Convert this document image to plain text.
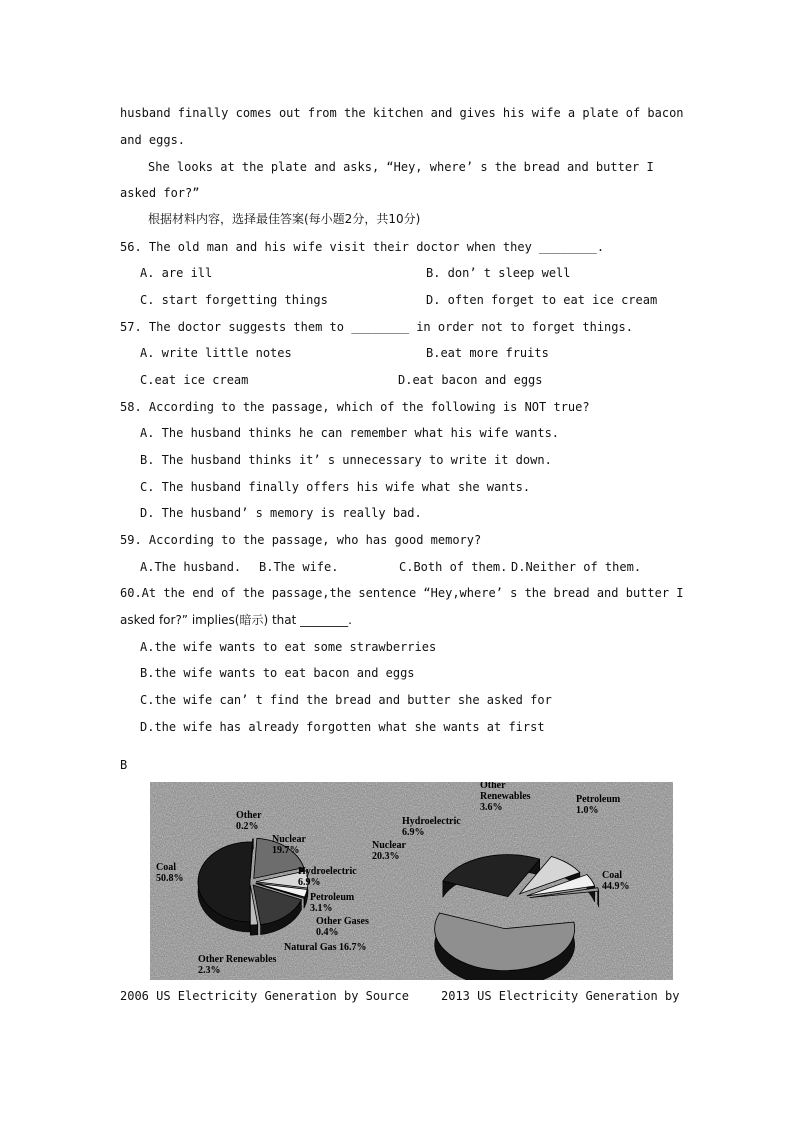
husband finally comes out from the kitchen and gives his wife a plate of bacon
and eggs.
She looks at the plate and asks, “Hey, where’ s the bread and butter I
asked for?”
根据材料内容，选择最佳答案(每小题2分，共10分)
56. The old man and his wife visit their doctor when they ________.
A. are ill	B. don’ t sleep well
C. start forgetting things	D. often forget to eat ice cream
57. The doctor suggests them to ________ in order not to forget things.
A. write little notes	B.eat more fruits
C.eat ice cream	D.eat bacon and eggs
58. According to the passage, which of the following is NOT true?
A. The husband thinks he can remember what his wife wants.
B. The husband thinks it’ s unnecessary to write it down.
C. The husband finally offers his wife what she wants.
D. The husband’ s memory is really bad.
59. According to the passage, who has good memory?
A.The husband. B.The wife.	C.Both of them. D.Neither of them.
60.At the end of the passage,the sentence “Hey,where’ s the bread and butter I
asked for?” implies(暗示) that ________.
A.the wife wants to eat some strawberries
B.the wife wants to eat bacon and eggs
C.the wife can’ t find the bread and butter she asked for
D.the wife has already forgotten what she wants at first
B
Coal 50.8%
Other 0.2%
Nuclear 19.7%
Hydroelectric 6.9%
Petroleum 3.1%
Other Gases 0.4%
Natural Gas 16.7%
Other Renewables 2.3%
Coal 44.9%
Nuclear 20.3%
Hydroelectric 6.9%
Other Renewables 3.6%
Petroleum 1.0%
2006 US Electricity Generation by Source	2013 US Electricity Generation by
